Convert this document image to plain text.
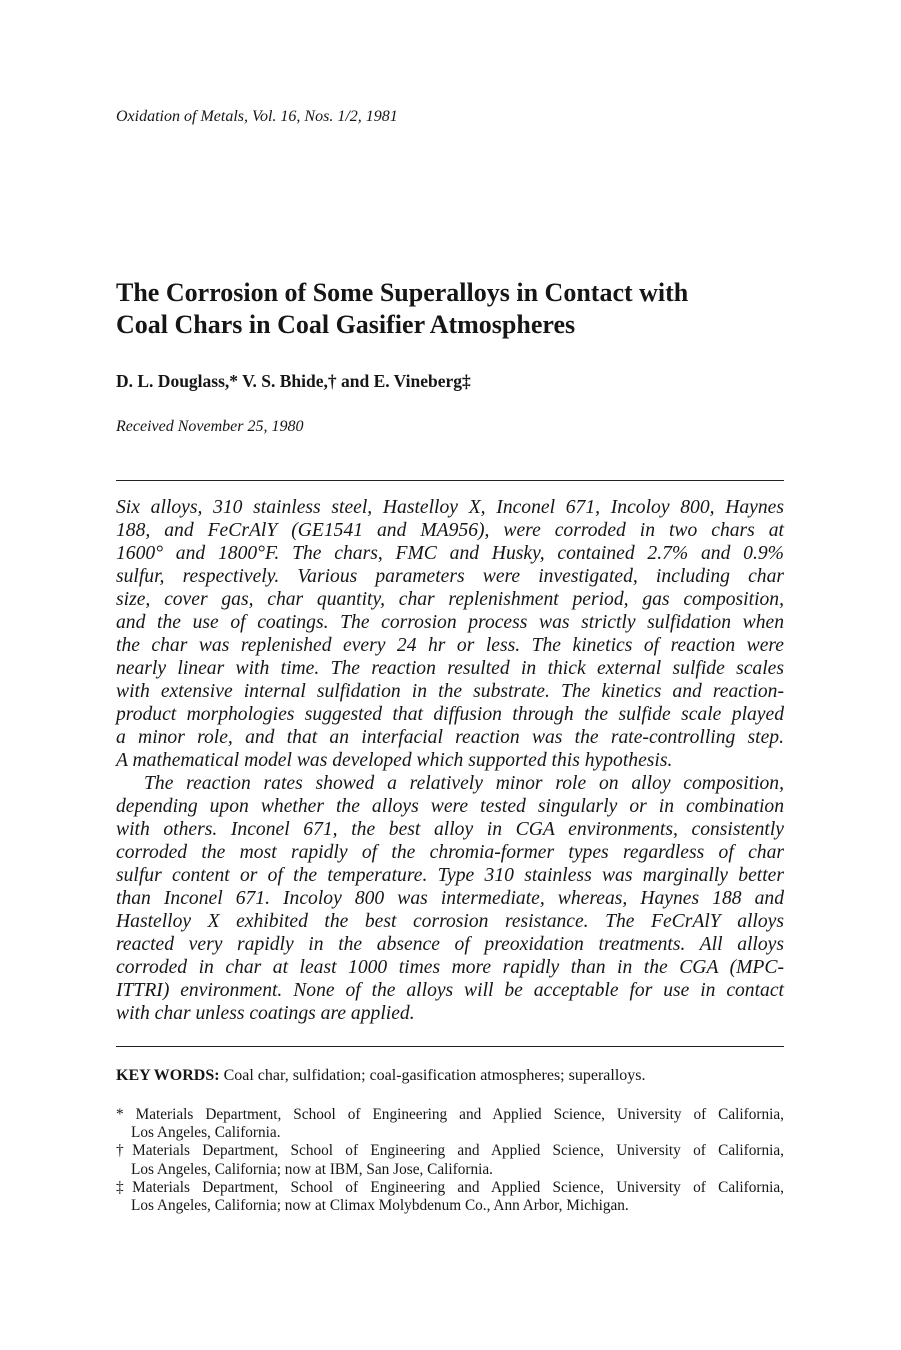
Oxidation of Metals, Vol. 16, Nos. 1/2, 1981
The Corrosion of Some Superalloys in Contact with
Coal Chars in Coal Gasifier Atmospheres
D. L. Douglass,* V. S. Bhide,† and E. Vineberg‡
Received November 25, 1980
Six alloys, 310 stainless steel, Hastelloy X, Inconel 671, Incoloy 800, Haynes
188, and FeCrAlY (GE1541 and MA956), were corroded in two chars at
1600° and 1800°F. The chars, FMC and Husky, contained 2.7% and 0.9%
sulfur, respectively. Various parameters were investigated, including char
size, cover gas, char quantity, char replenishment period, gas composition,
and the use of coatings. The corrosion process was strictly sulfidation when
the char was replenished every 24 hr or less. The kinetics of reaction were
nearly linear with time. The reaction resulted in thick external sulfide scales
with extensive internal sulfidation in the substrate. The kinetics and reaction-
product morphologies suggested that diffusion through the sulfide scale played
a minor role, and that an interfacial reaction was the rate-controlling step.
A mathematical model was developed which supported this hypothesis.
The reaction rates showed a relatively minor role on alloy composition,
depending upon whether the alloys were tested singularly or in combination
with others. Inconel 671, the best alloy in CGA environments, consistently
corroded the most rapidly of the chromia-former types regardless of char
sulfur content or of the temperature. Type 310 stainless was marginally better
than Inconel 671. Incoloy 800 was intermediate, whereas, Haynes 188 and
Hastelloy X exhibited the best corrosion resistance. The FeCrAlY alloys
reacted very rapidly in the absence of preoxidation treatments. All alloys
corroded in char at least 1000 times more rapidly than in the CGA (MPC-
ITTRI) environment. None of the alloys will be acceptable for use in contact
with char unless coatings are applied.
KEY WORDS: Coal char, sulfidation; coal-gasification atmospheres; superalloys.
* Materials Department, School of Engineering and Applied Science, University of California,
Los Angeles, California.
†Materials Department, School of Engineering and Applied Science, University of California,
Los Angeles, California; now at IBM, San Jose, California.
‡Materials Department, School of Engineering and Applied Science, University of California,
Los Angeles, California; now at Climax Molybdenum Co., Ann Arbor, Michigan.
